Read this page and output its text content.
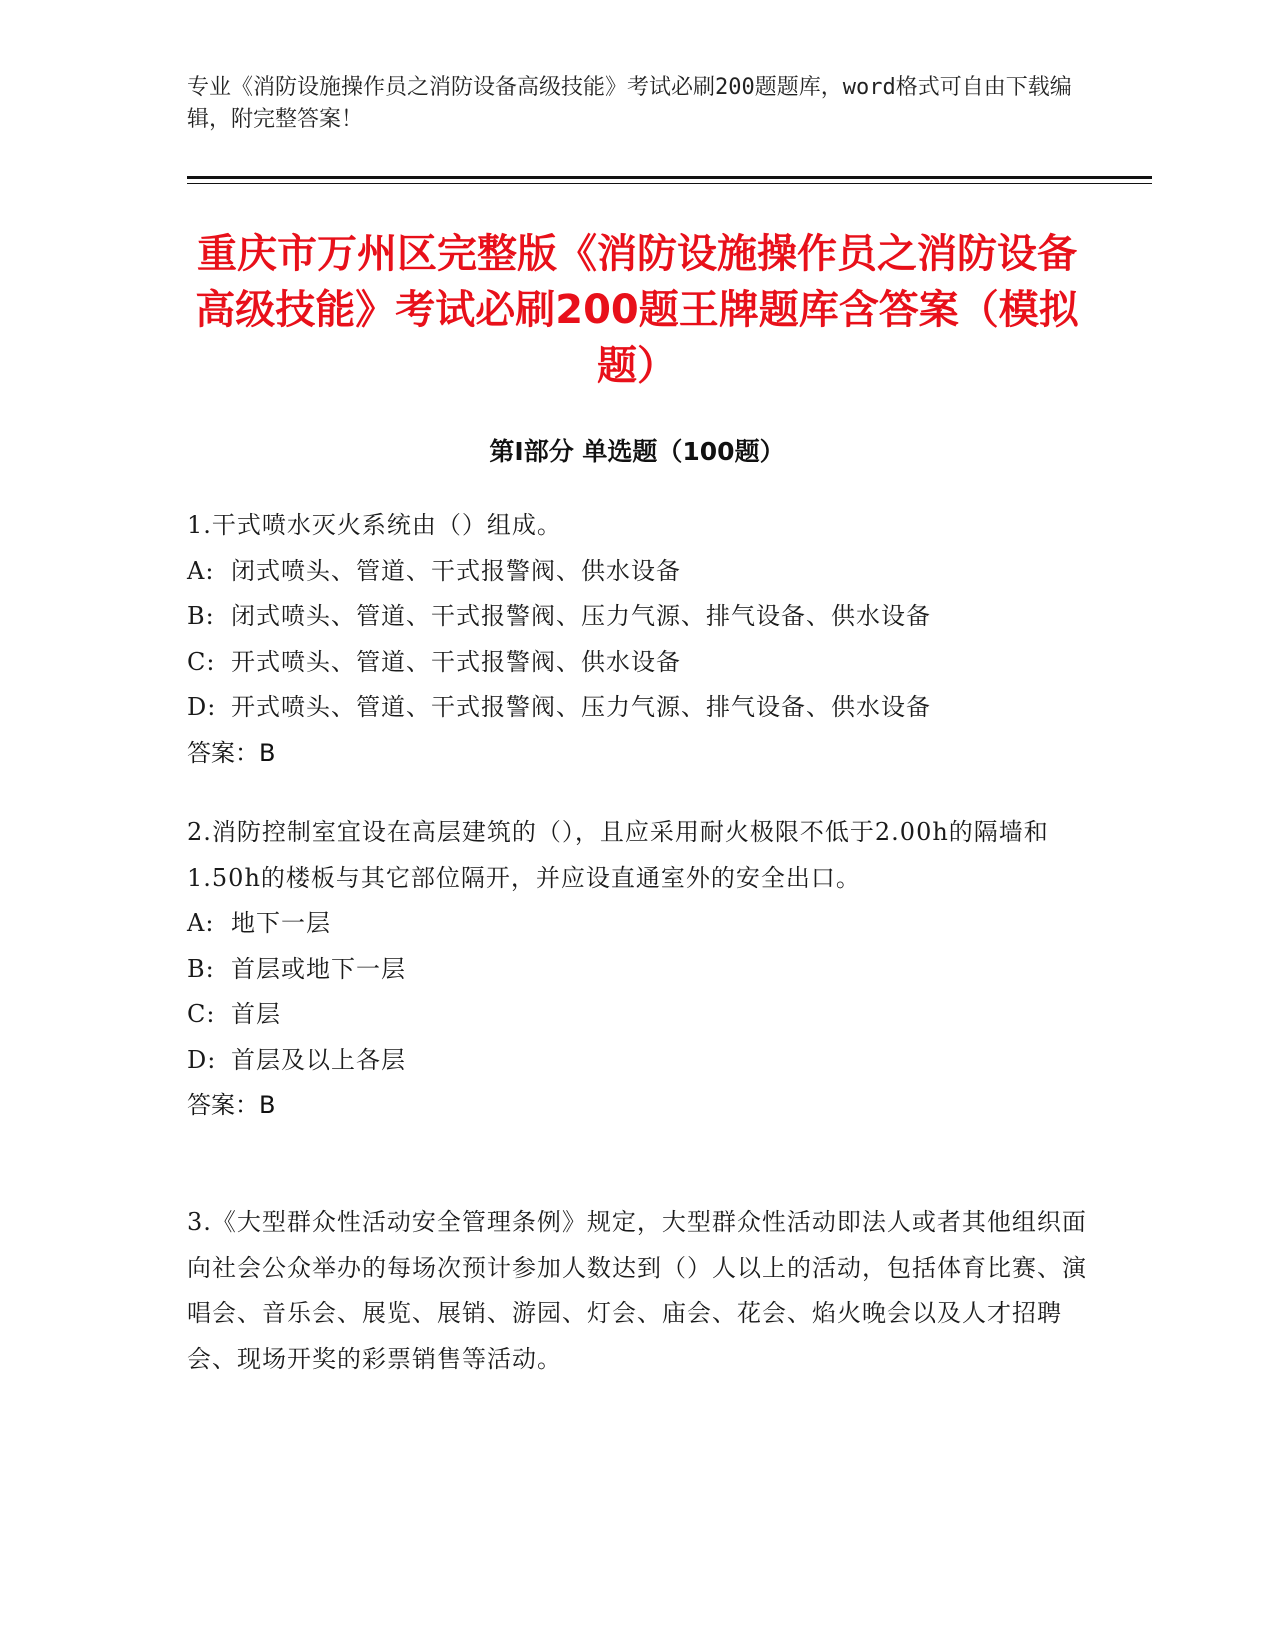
专业《消防设施操作员之消防设备高级技能》考试必刷200题题库，word格式可自由下载编辑，附完整答案！
重庆市万州区完整版《消防设施操作员之消防设备高级技能》考试必刷200题王牌题库含答案（模拟题）
第I部分 单选题（100题）

1.干式喷水灭火系统由（）组成。

A: 闭式喷头、管道、干式报警阀、供水设备

B: 闭式喷头、管道、干式报警阀、压力气源、排气设备、供水设备

C: 开式喷头、管道、干式报警阀、供水设备

D: 开式喷头、管道、干式报警阀、压力气源、排气设备、供水设备

答案：B

2.消防控制室宜设在高层建筑的（），且应采用耐火极限不低于2.00h的隔墙和1.50h的楼板与其它部位隔开，并应设直通室外的安全出口。

A: 地下一层

B: 首层或地下一层

C: 首层

D: 首层及以上各层

答案：B

3.《大型群众性活动安全管理条例》规定，大型群众性活动即法人或者其他组织面向社会公众举办的每场次预计参加人数达到（）人以上的活动，包括体育比赛、演唱会、音乐会、展览、展销、游园、灯会、庙会、花会、焰火晚会以及人才招聘会、现场开奖的彩票销售等活动。
